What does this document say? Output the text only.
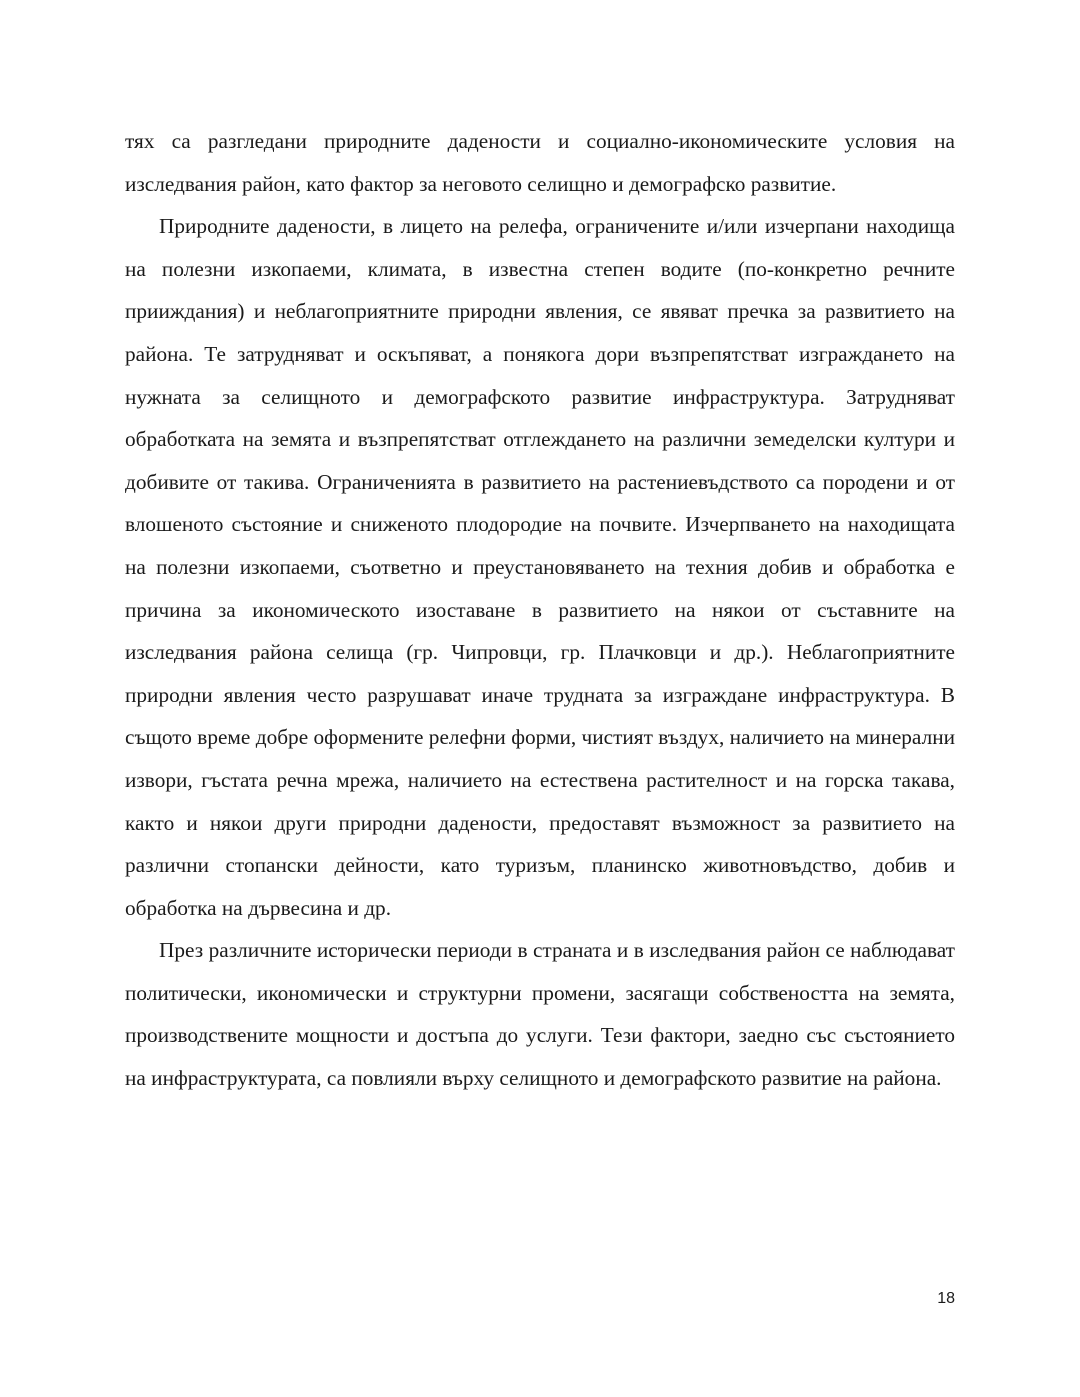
тях са разгледани природните дадености и социално-икономическите условия на изследвания район, като фактор за неговото селищно и демографско развитие.

Природните дадености, в лицето на релефа, ограничените и/или изчерпани находища на полезни изкопаеми, климата, в известна степен водите (по-конкретно речните прииждания) и неблагоприятните природни явления, се явяват пречка за развитието на района. Те затрудняват и оскъпяват, а понякога дори възпрепятстват изграждането на нужната за селищното и демографското развитие инфраструктура. Затрудняват обработката на земята и възпрепятстват отглеждането на различни земеделски култури и добивите от такива. Ограниченията в развитието на растениевъдството са породени и от влошеното състояние и сниженото плодородие на почвите. Изчерпването на находищата на полезни изкопаеми, съответно и преустановяването на техния добив и обработка е причина за икономическото изоставане в развитието на някои от съставните на изследвания района селища (гр. Чипровци, гр. Плачковци и др.). Неблагоприятните природни явления често разрушават иначе трудната за изграждане инфраструктура. В същото време добре оформените релефни форми, чистият въздух, наличието на минерални извори, гъстата речна мрежа, наличието на естествена растителност и на горска такава, както и някои други природни дадености, предоставят възможност за развитието на различни стопански дейности, като туризъм, планинско животновъдство, добив и обработка на дървесина и др.

През различните исторически периоди в страната и в изследвания район се наблюдават политически, икономически и структурни промени, засягащи собствеността на земята, производствените мощности и достъпа до услуги. Тези фактори, заедно със състоянието на инфраструктурата, са повлияли върху селищното и демографското развитие на района.

18
